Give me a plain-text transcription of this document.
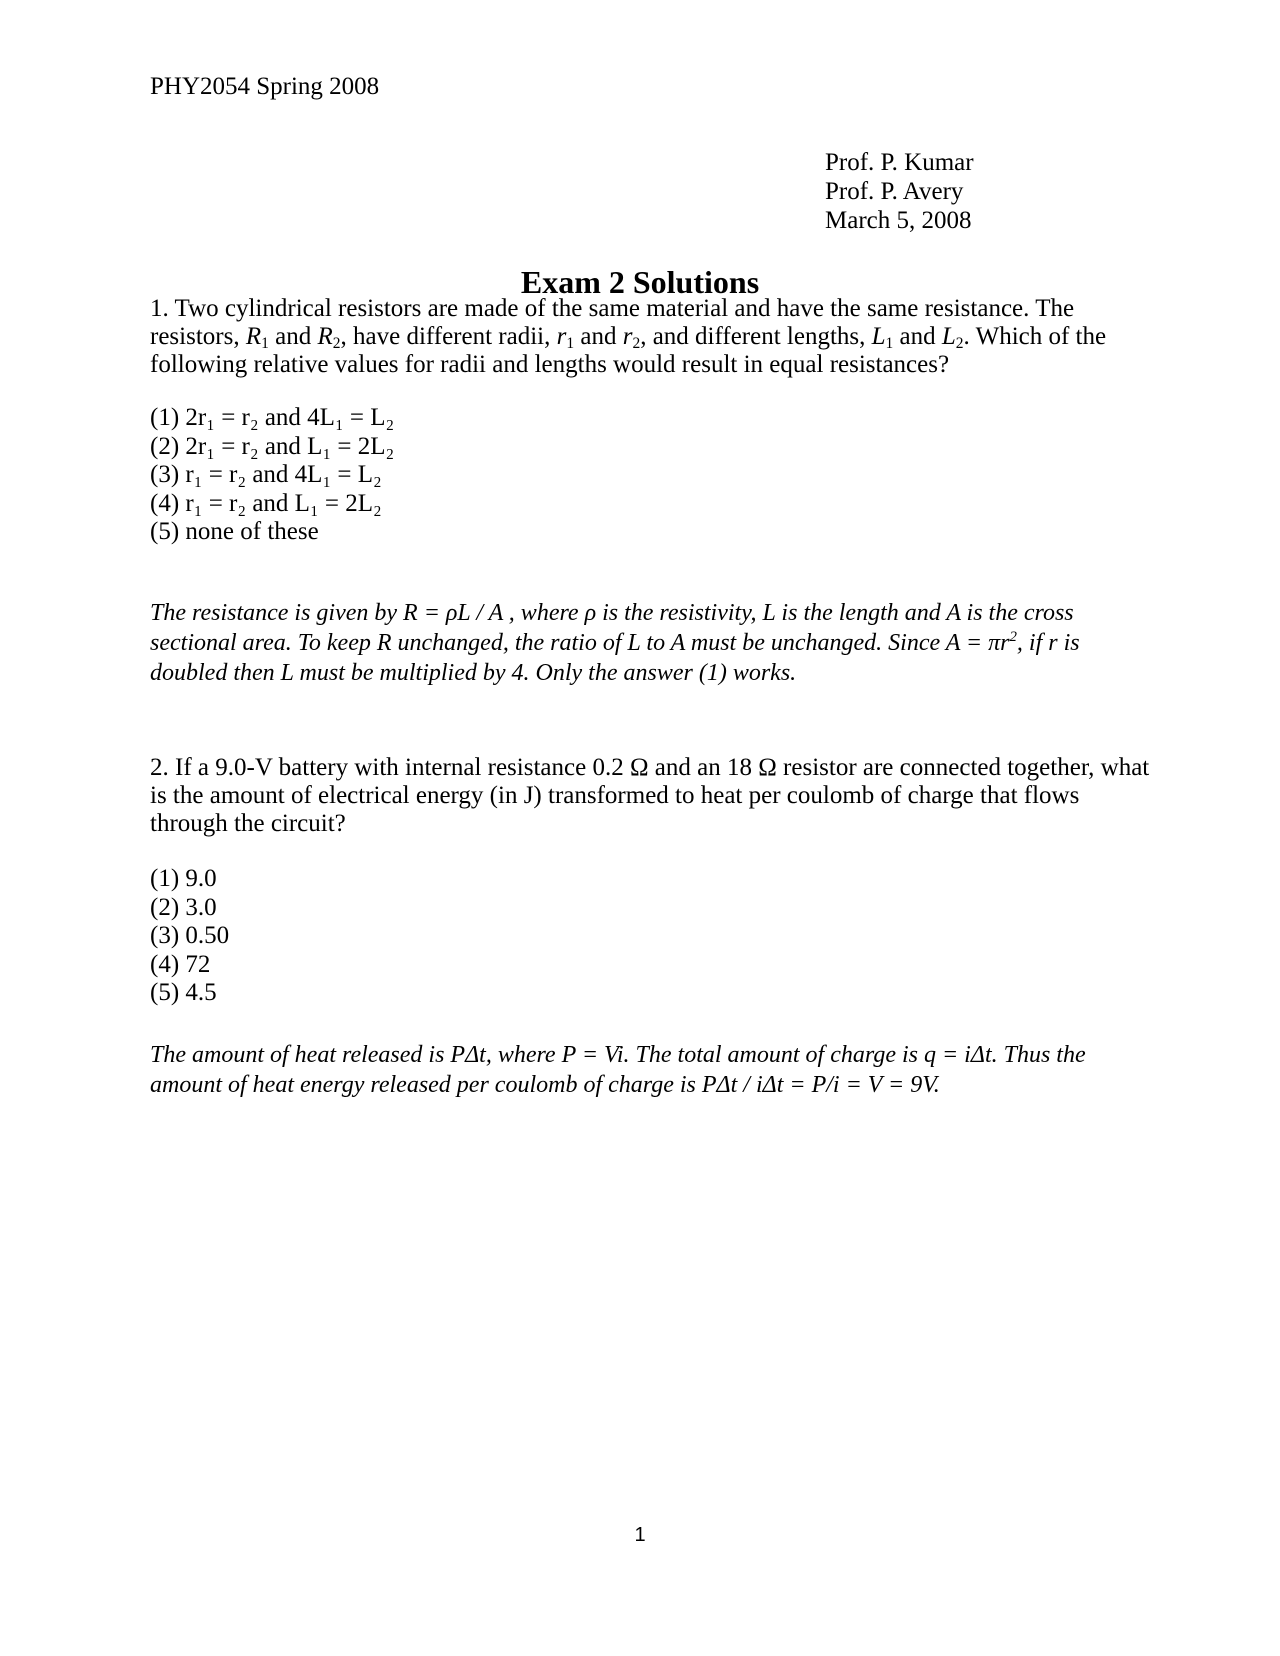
PHY2054 Spring 2008
Prof. P. Kumar
Prof. P. Avery
March 5, 2008
Exam 2 Solutions
1. Two cylindrical resistors are made of the same material and have the same resistance. The resistors, $R_1$ and $R_2$, have different radii, $r_1$ and $r_2$, and different lengths, $L_1$ and $L_2$. Which of the following relative values for radii and lengths would result in equal resistances?
(1) 2r₁ = r₂ and 4L₁ = L₂
(2) 2r₁ = r₂ and L₁ = 2L₂
(3) r₁ = r₂ and 4L₁ = L₂
(4) r₁ = r₂ and L₁ = 2L₂
(5) none of these
The resistance is given by R = ρL / A , where ρ is the resistivity, L is the length and A is the cross sectional area. To keep R unchanged, the ratio of L to A must be unchanged. Since $A = \pi r^2$, if r is doubled then L must be multiplied by 4. Only the answer (1) works.
2. If a 9.0-V battery with internal resistance 0.2 Ω and an 18 Ω resistor are connected together, what is the amount of electrical energy (in J) transformed to heat per coulomb of charge that flows through the circuit?
(1) 9.0
(2) 3.0
(3) 0.50
(4) 72
(5) 4.5
The amount of heat released is PΔt, where P = Vi. The total amount of charge is q = iΔt. Thus the amount of heat energy released per coulomb of charge is PΔt / iΔt = P/i = V = 9V.
1
